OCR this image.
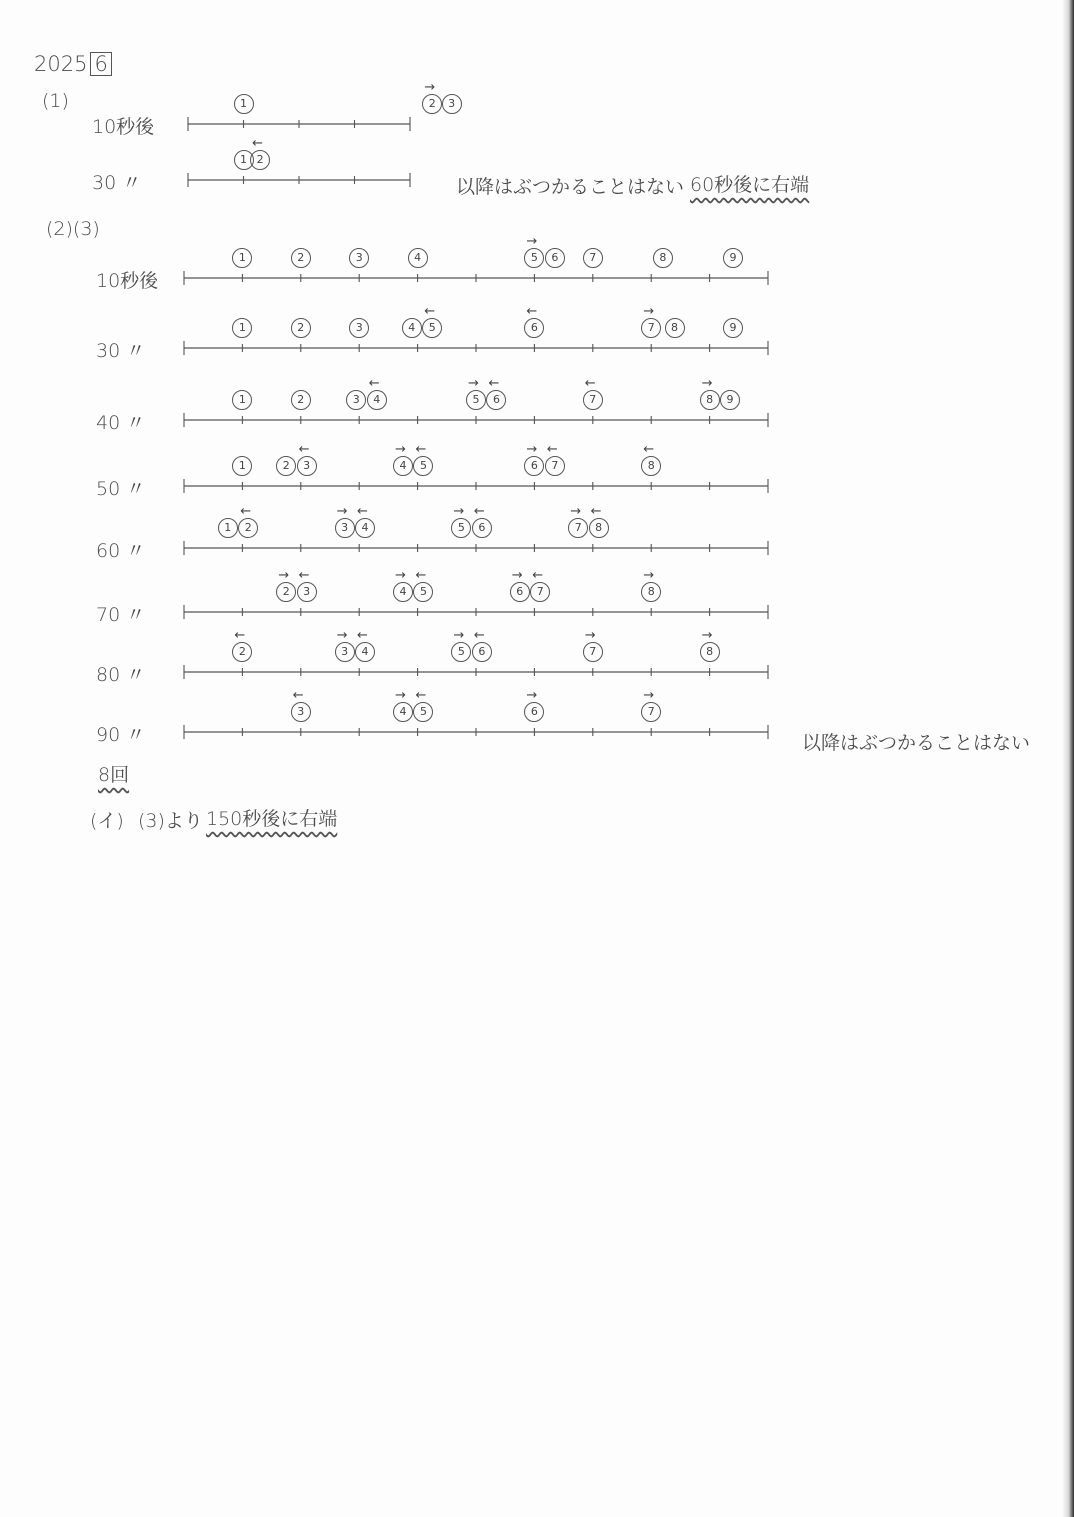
2025 6
(1)
(2)(3)
以降はぶつかることはない 60秒後に右端
以降はぶつかることはない
8回
(イ) (3)より 150秒後に右端
10秒後
1	2
→
3
30 〃
1 2
←
10秒後
1	2	3	4	5
→
6	7	8	9
30 〃
1	2	3	4	5
←
6
←
7
→
8	9
40 〃
1	2	3	4
←
5
→
6
←
7
←
8
→
9
50 〃
1	2	3
←
4
→
5
←
6
→
7
←
8
←
60 〃
1	2
←
3
→
4
←
5
→
6
←
7
→
8
←
70 〃
2
→
3
←
4
→
5
←
6
→
7
←
8
→
80 〃
2
←
3
→
4
←
5
→
6
←
7
→
8
→
90 〃
3
←
4
→
5
←
6
→
7
→
